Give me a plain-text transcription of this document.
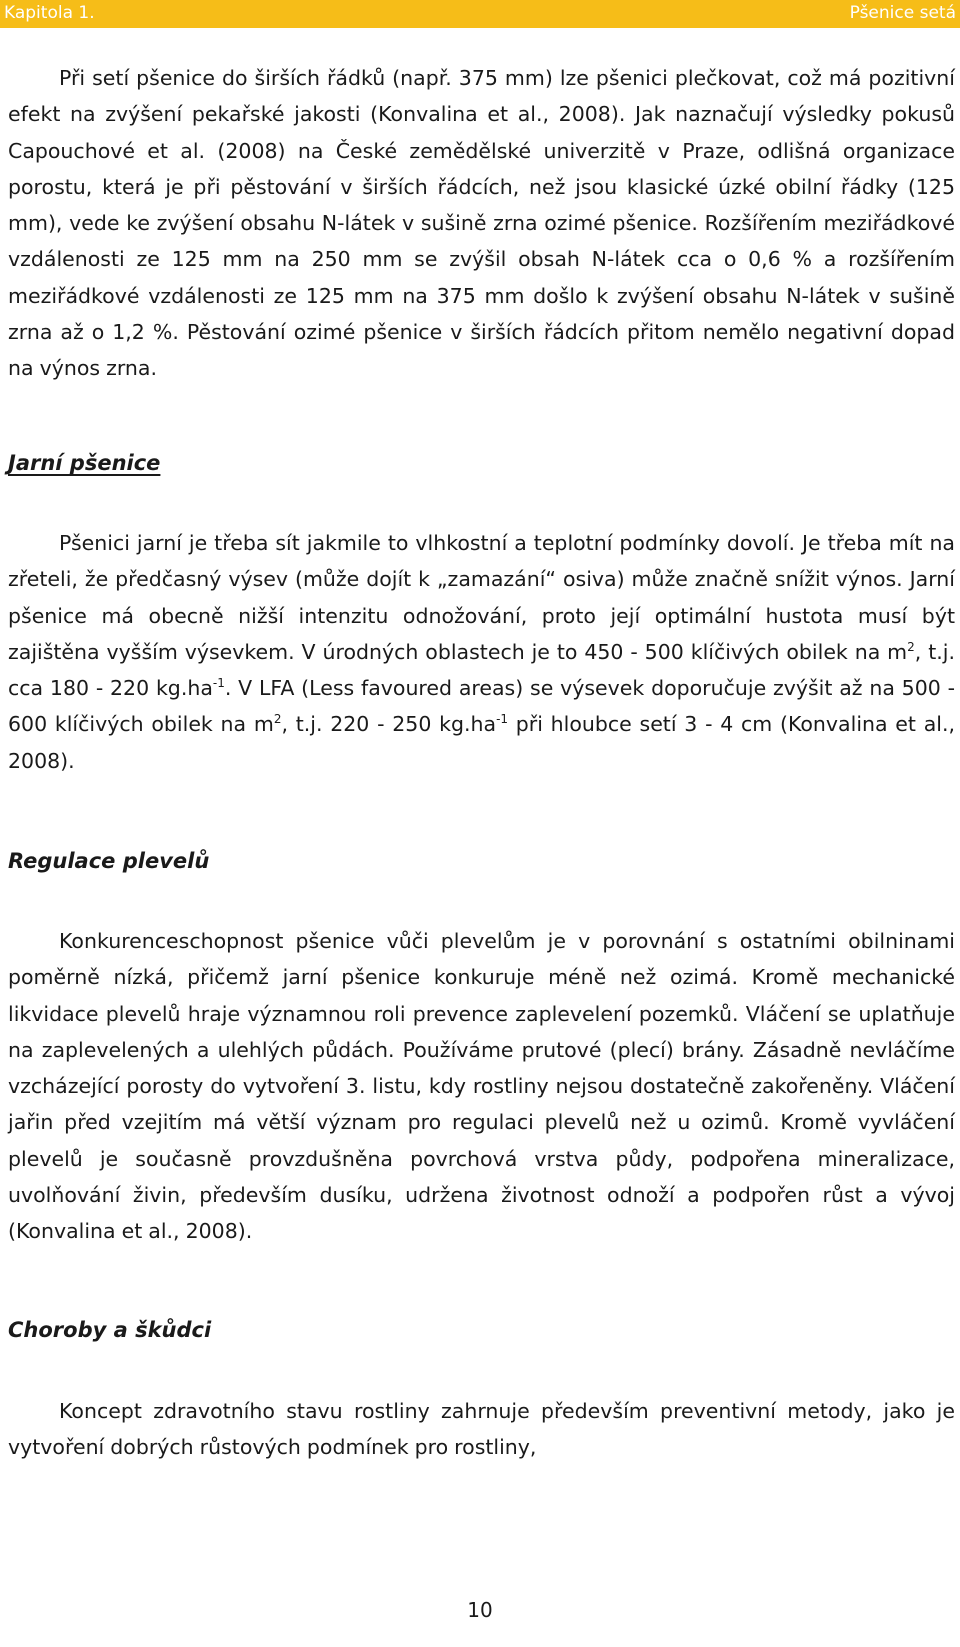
Kapitola 1.	Pšenice setá

Při setí pšenice do širších řádků (např. 375 mm) lze pšenici plečkovat, což má pozitivní efekt na zvýšení pekařské jakosti (Konvalina et al., 2008). Jak naznačují výsledky pokusů Capouchové et al. (2008) na České zemědělské univerzitě v Praze, odlišná organizace porostu, která je při pěstování v širších řádcích, než jsou klasické úzké obilní řádky (125 mm), vede ke zvýšení obsahu N-látek v sušině zrna ozimé pšenice. Rozšířením meziřádkové vzdálenosti ze 125 mm na 250 mm se zvýšil obsah N-látek cca o 0,6 % a rozšířením meziřádkové vzdálenosti ze 125 mm na 375 mm došlo k zvýšení obsahu N-látek v sušině zrna až o 1,2 %. Pěstování ozimé pšenice v širších řádcích přitom nemělo negativní dopad na výnos zrna.

Jarní pšenice

Pšenici jarní je třeba sít jakmile to vlhkostní a teplotní podmínky dovolí. Je třeba mít na zřeteli, že předčasný výsev (může dojít k „zamazání“ osiva) může značně snížit výnos. Jarní pšenice má obecně nižší intenzitu odnožování, proto její optimální hustota musí být zajištěna vyšším výsevkem. V úrodných oblastech je to 450 - 500 klíčivých obilek na $m^2$, t.j. cca 180 - 220 $kg.ha^{-1}$. V LFA (Less favoured areas) se výsevek doporučuje zvýšit až na 500 - 600 klíčivých obilek na $m^2$, t.j. 220 - 250 $kg.ha^{-1}$ při hloubce setí 3 - 4 cm (Konvalina et al., 2008).

Regulace plevelů

Konkurenceschopnost pšenice vůči plevelům je v porovnání s ostatními obilninami poměrně nízká, přičemž jarní pšenice konkuruje méně než ozimá. Kromě mechanické likvidace plevelů hraje významnou roli prevence zaplevelení pozemků. Vláčení se uplatňuje na zaplevelených a ulehlých půdách. Používáme prutové (plecí) brány. Zásadně nevláčíme vzcházející porosty do vytvoření 3. listu, kdy rostliny nejsou dostatečně zakořeněny. Vláčení jařin před vzejitím má větší význam pro regulaci plevelů než u ozimů. Kromě vyvláčení plevelů je současně provzdušněna povrchová vrstva půdy, podpořena mineralizace, uvolňování živin, především dusíku, udržena životnost odnoží a podpořen růst a vývoj (Konvalina et al., 2008).

Choroby a škůdci

Koncept zdravotního stavu rostliny zahrnuje především preventivní metody, jako je vytvoření dobrých růstových podmínek pro rostliny,

10
